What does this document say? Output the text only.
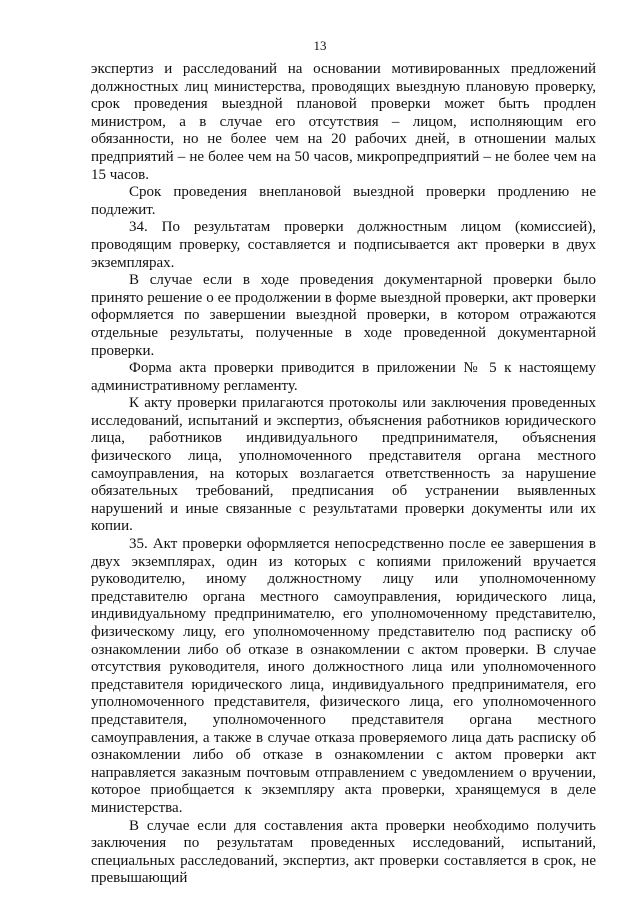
13

экспертиз и расследований на основании мотивированных предложений должностных лиц министерства, проводящих выездную плановую проверку, срок проведения выездной плановой проверки может быть продлен министром, а в случае его отсутствия – лицом, исполняющим его обязанности, но не более чем на 20 рабочих дней, в отношении малых предприятий – не более чем на 50 часов, микропредприятий – не более чем на 15 часов.

Срок проведения внеплановой выездной проверки продлению не подлежит.

34. По результатам проверки должностным лицом (комиссией), проводящим проверку, составляется и подписывается акт проверки в двух экземплярах.

В случае если в ходе проведения документарной проверки было принято решение о ее продолжении в форме выездной проверки, акт проверки оформляется по завершении выездной проверки, в котором отражаются отдельные результаты, полученные в ходе проведенной документарной проверки.

Форма акта проверки приводится в приложении № 5 к настоящему административному регламенту.

К акту проверки прилагаются протоколы или заключения проведенных исследований, испытаний и экспертиз, объяснения работников юридического лица, работников индивидуального предпринимателя, объяснения физического лица, уполномоченного представителя органа местного самоуправления, на которых возлагается ответственность за нарушение обязательных требований, предписания об устранении выявленных нарушений и иные связанные с результатами проверки документы или их копии.

35. Акт проверки оформляется непосредственно после ее завершения в двух экземплярах, один из которых с копиями приложений вручается руководителю, иному должностному лицу или уполномоченному представителю органа местного самоуправления, юридического лица, индивидуальному предпринимателю, его уполномоченному представителю, физическому лицу, его уполномоченному представителю под расписку об ознакомлении либо об отказе в ознакомлении с актом проверки. В случае отсутствия руководителя, иного должностного лица или уполномоченного представителя юридического лица, индивидуального предпринимателя, его уполномоченного представителя, физического лица, его уполномоченного представителя, уполномоченного представителя органа местного самоуправления, а также в случае отказа проверяемого лица дать расписку об ознакомлении либо об отказе в ознакомлении с актом проверки акт направляется заказным почтовым отправлением с уведомлением о вручении, которое приобщается к экземпляру акта проверки, хранящемуся в деле министерства.

В случае если для составления акта проверки необходимо получить заключения по результатам проведенных исследований, испытаний, специальных расследований, экспертиз, акт проверки составляется в срок, не превышающий
